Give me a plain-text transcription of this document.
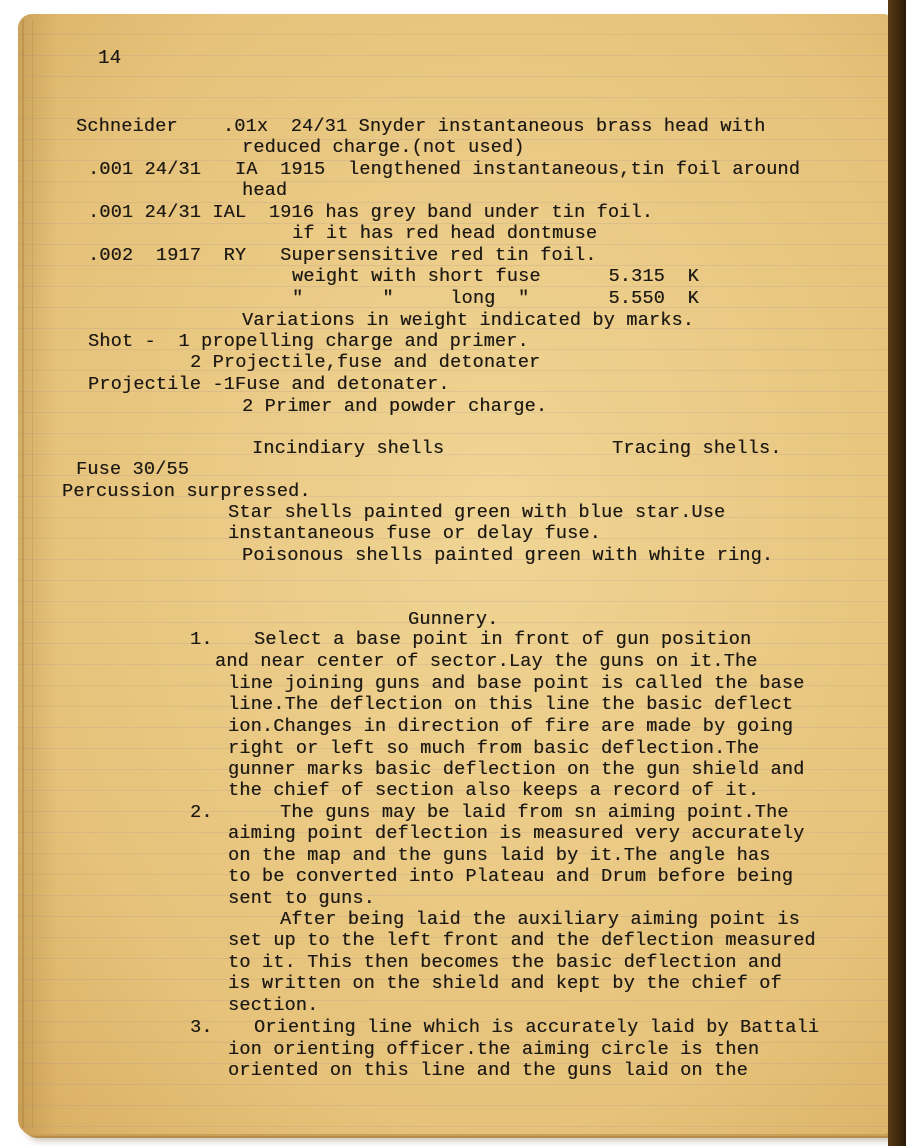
14
Schneider    .01x  24/31 Snyder instantaneous brass head with
reduced charge.(not used)
.001 24/31   IA  1915  lengthened instantaneous,tin foil around
head
.001 24/31 IAL  1916 has grey band under tin foil.
if it has red head dontmuse
.002  1917  RY   Supersensitive red tin foil.
weight with short fuse      5.315  K
"       "     long  "       5.550  K
Variations in weight indicated by marks.
Shot -  1 propelling charge and primer.
2 Projectile,fuse and detonater
Projectile -1Fuse and detonater.
2 Primer and powder charge.
Incindiary shells	Tracing shells.
Fuse 30/55
Percussion surpressed.
Star shells painted green with blue star.Use
instantaneous fuse or delay fuse.
Poisonous shells painted green with white ring.
Gunnery.
1. Select a base point in front of gun position
and near center of sector.Lay the guns on it.The
line joining guns and base point is called the base
line.The deflection on this line the basic deflect
ion.Changes in direction of fire are made by going
right or left so much from basic deflection.The
gunner marks basic deflection on the gun shield and
the chief of section also keeps a record of it.
2.	The guns may be laid from sn aiming point.The
aiming point deflection is measured very accurately
on the map and the guns laid by it.The angle has
to be converted into Plateau and Drum before being
sent to guns.
After being laid the auxiliary aiming point is
set up to the left front and the deflection measured
to it. This then becomes the basic deflection and
is written on the shield and kept by the chief of
section.
3. Orienting line which is accurately laid by Battali
ion orienting officer.the aiming circle is then
oriented on this line and the guns laid on the
